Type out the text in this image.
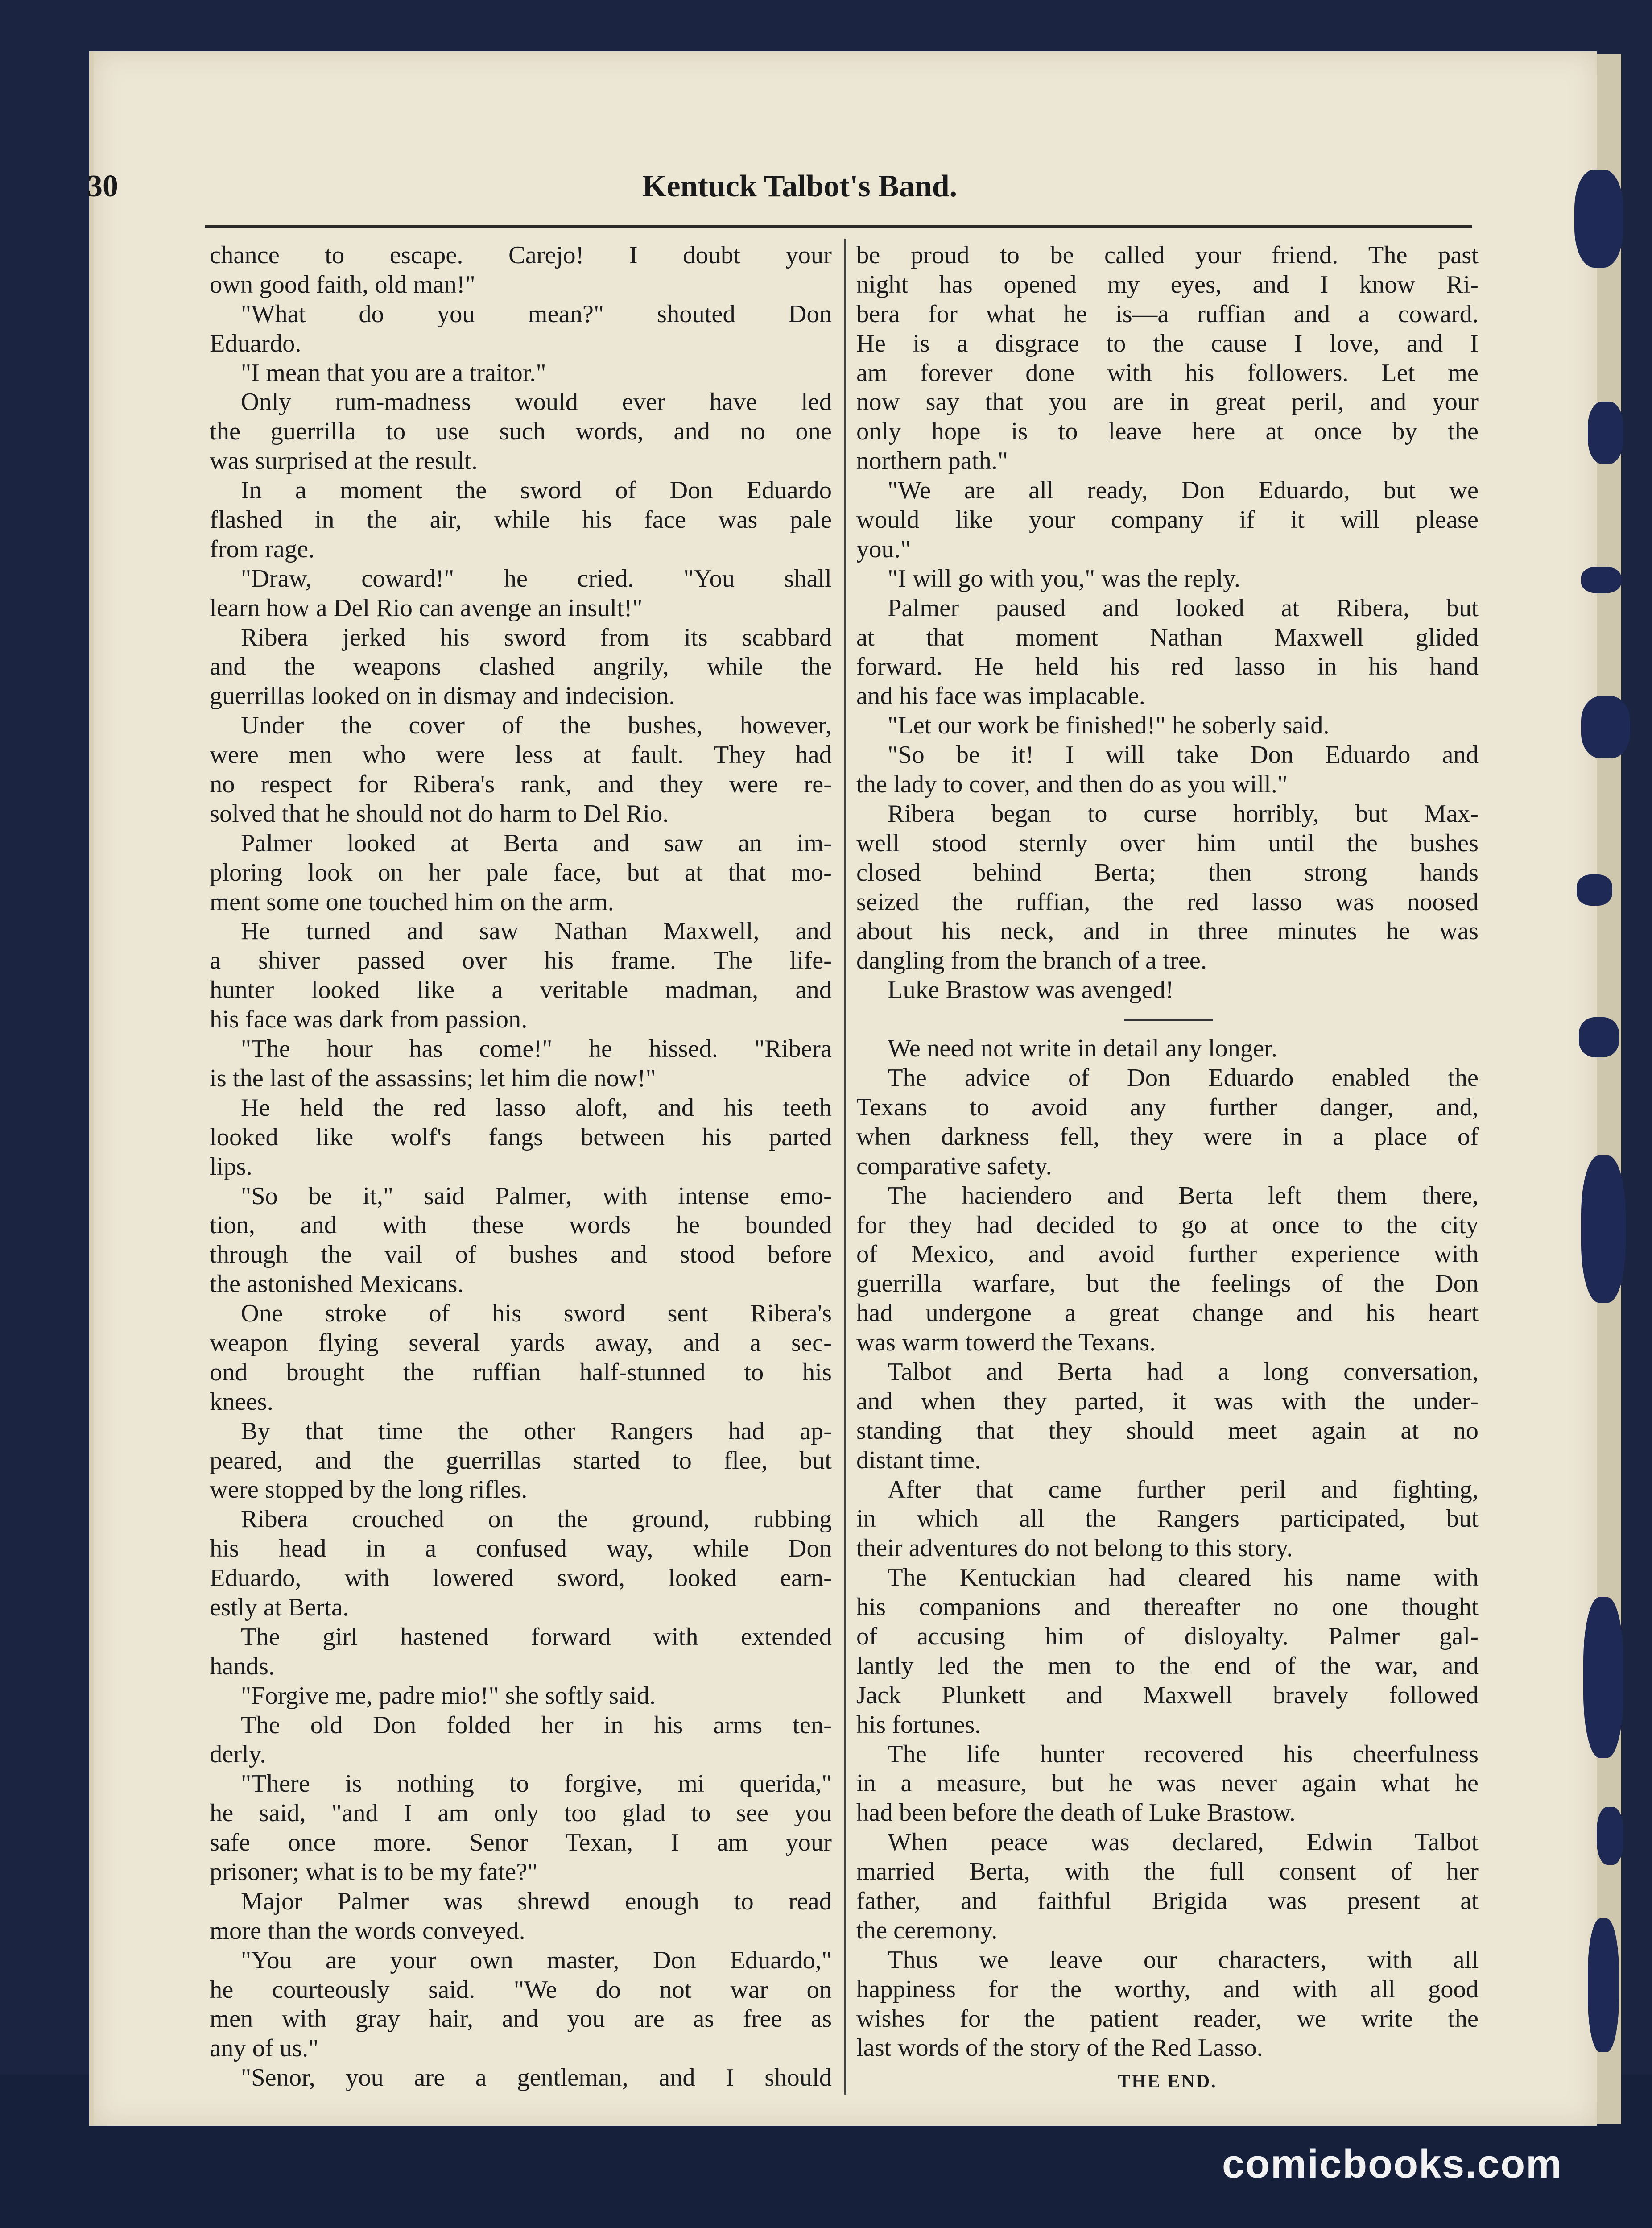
30	Kentuck Talbot's Band.
chance to escape. Carejo! I doubt your
own good faith, old man!"
"What do you mean?" shouted Don
Eduardo.
"I mean that you are a traitor."
Only rum-madness would ever have led
the guerrilla to use such words, and no one
was surprised at the result.
In a moment the sword of Don Eduardo
flashed in the air, while his face was pale
from rage.
"Draw, coward!" he cried. "You shall
learn how a Del Rio can avenge an insult!"
Ribera jerked his sword from its scabbard
and the weapons clashed angrily, while the
guerrillas looked on in dismay and indecision.
Under the cover of the bushes, however,
were men who were less at fault. They had
no respect for Ribera's rank, and they were re-
solved that he should not do harm to Del Rio.
Palmer looked at Berta and saw an im-
ploring look on her pale face, but at that mo-
ment some one touched him on the arm.
He turned and saw Nathan Maxwell, and
a shiver passed over his frame. The life-
hunter looked like a veritable madman, and
his face was dark from passion.
"The hour has come!" he hissed. "Ribera
is the last of the assassins; let him die now!"
He held the red lasso aloft, and his teeth
looked like wolf's fangs between his parted
lips.
"So be it," said Palmer, with intense emo-
tion, and with these words he bounded
through the vail of bushes and stood before
the astonished Mexicans.
One stroke of his sword sent Ribera's
weapon flying several yards away, and a sec-
ond brought the ruffian half-stunned to his
knees.
By that time the other Rangers had ap-
peared, and the guerrillas started to flee, but
were stopped by the long rifles.
Ribera crouched on the ground, rubbing
his head in a confused way, while Don
Eduardo, with lowered sword, looked earn-
estly at Berta.
The girl hastened forward with extended
hands.
"Forgive me, padre mio!" she softly said.
The old Don folded her in his arms ten-
derly.
"There is nothing to forgive, mi querida,"
he said, "and I am only too glad to see you
safe once more. Senor Texan, I am your
prisoner; what is to be my fate?"
Major Palmer was shrewd enough to read
more than the words conveyed.
"You are your own master, Don Eduardo,"
he courteously said. "We do not war on
men with gray hair, and you are as free as
any of us."
"Senor, you are a gentleman, and I should
be proud to be called your friend. The past
night has opened my eyes, and I know Ri-
bera for what he is—a ruffian and a coward.
He is a disgrace to the cause I love, and I
am forever done with his followers. Let me
now say that you are in great peril, and your
only hope is to leave here at once by the
northern path."
"We are all ready, Don Eduardo, but we
would like your company if it will please
you."
"I will go with you," was the reply.
Palmer paused and looked at Ribera, but
at that moment Nathan Maxwell glided
forward. He held his red lasso in his hand
and his face was implacable.
"Let our work be finished!" he soberly said.
"So be it! I will take Don Eduardo and
the lady to cover, and then do as you will."
Ribera began to curse horribly, but Max-
well stood sternly over him until the bushes
closed behind Berta; then strong hands
seized the ruffian, the red lasso was noosed
about his neck, and in three minutes he was
dangling from the branch of a tree.
Luke Brastow was avenged!
We need not write in detail any longer.
The advice of Don Eduardo enabled the
Texans to avoid any further danger, and,
when darkness fell, they were in a place of
comparative safety.
The haciendero and Berta left them there,
for they had decided to go at once to the city
of Mexico, and avoid further experience with
guerrilla warfare, but the feelings of the Don
had undergone a great change and his heart
was warm towerd the Texans.
Talbot and Berta had a long conversation,
and when they parted, it was with the under-
standing that they should meet again at no
distant time.
After that came further peril and fighting,
in which all the Rangers participated, but
their adventures do not belong to this story.
The Kentuckian had cleared his name with
his companions and thereafter no one thought
of accusing him of disloyalty. Palmer gal-
lantly led the men to the end of the war, and
Jack Plunkett and Maxwell bravely followed
his fortunes.
The life hunter recovered his cheerfulness
in a measure, but he was never again what he
had been before the death of Luke Brastow.
When peace was declared, Edwin Talbot
married Berta, with the full consent of her
father, and faithful Brigida was present at
the ceremony.
Thus we leave our characters, with all
happiness for the worthy, and with all good
wishes for the patient reader, we write the
last words of the story of the Red Lasso.
THE END.
comicbooks.com
